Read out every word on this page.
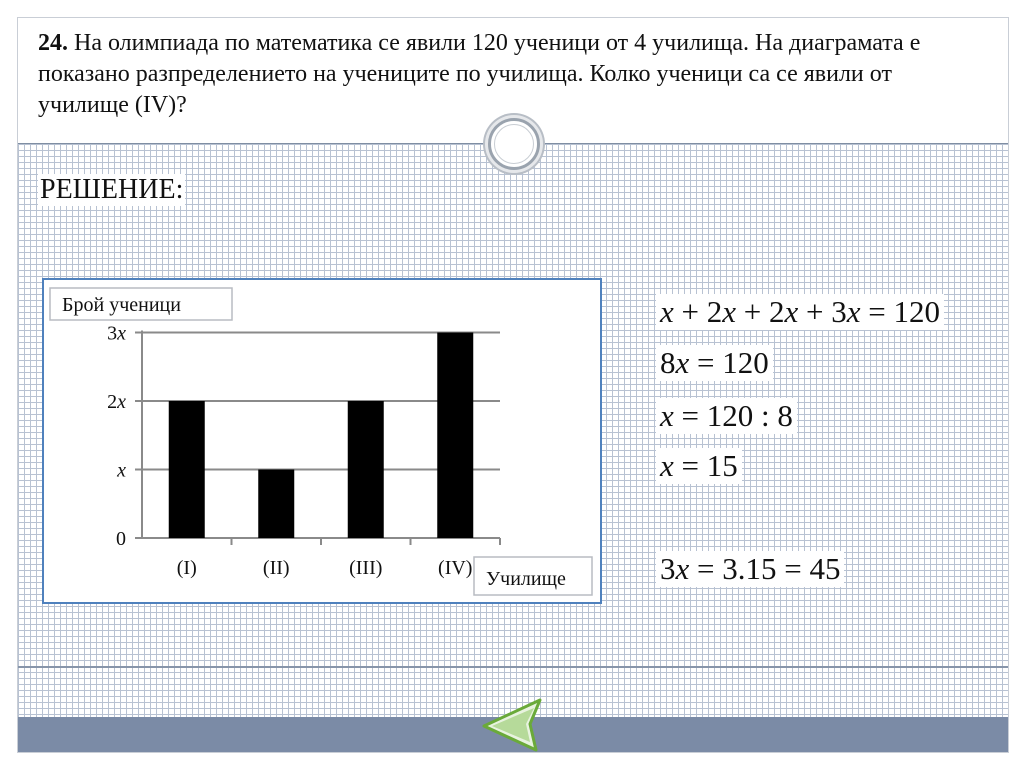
24. На олимпиада по математика се явили 120 ученици от 4 училища. На диаграмата е показано разпределението на учениците по училища. Колко ученици са се явили от училище (IV)?
РЕШЕНИЕ:
0
x
2x
3x
(I)	(II)	(III)	(IV)
Брой ученици
Училище
x + 2x + 2x + 3x = 120
8x = 120
x = 120 : 8
x = 15
3x = 3.15 = 45
